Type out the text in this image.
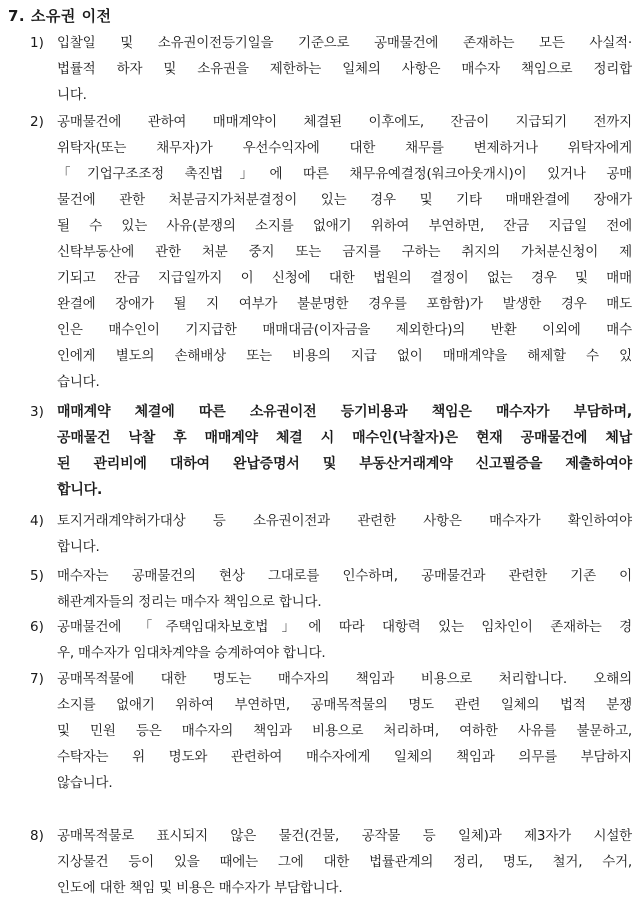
7. 소유권 이전
1) 입찰일 및 소유권이전등기일을 기준으로 공매물건에 존재하는 모든 사실적·
법률적 하자 및 소유권을 제한하는 일체의 사항은 매수자 책임으로 정리합
니다.
2) 공매물건에 관하여 매매계약이 체결된 이후에도, 잔금이 지급되기 전까지
위탁자(또는 채무자)가 우선수익자에 대한 채무를 변제하거나 위탁자에게
「기업구조조정 촉진법」에 따른 채무유예결정(워크아웃개시)이 있거나 공매
물건에 관한 처분금지가처분결정이 있는 경우 및 기타 매매완결에 장애가
될 수 있는 사유(분쟁의 소지를 없애기 위하여 부연하면, 잔금 지급일 전에
신탁부동산에 관한 처분 중지 또는 금지를 구하는 취지의 가처분신청이 제
기되고 잔금 지급일까지 이 신청에 대한 법원의 결정이 없는 경우 및 매매
완결에 장애가 될 지 여부가 불분명한 경우를 포함함)가 발생한 경우 매도
인은 매수인이 기지급한 매매대금(이자금을 제외한다)의 반환 이외에 매수
인에게 별도의 손해배상 또는 비용의 지급 없이 매매계약을 해제할 수 있
습니다.
3) 매매계약 체결에 따른 소유권이전 등기비용과 책임은 매수자가 부담하며,
공매물건 낙찰 후 매매계약 체결 시 매수인(낙찰자)은 현재 공매물건에 체납
된 관리비에 대하여 완납증명서 및 부동산거래계약 신고필증을 제출하여야
합니다.
4) 토지거래계약허가대상 등 소유권이전과 관련한 사항은 매수자가 확인하여야
합니다.
5) 매수자는 공매물건의 현상 그대로를 인수하며, 공매물건과 관련한 기존 이
해관계자들의 정리는 매수자 책임으로 합니다.
6) 공매물건에 「주택임대차보호법」에 따라 대항력 있는 임차인이 존재하는 경
우, 매수자가 임대차계약을 승계하여야 합니다.
7) 공매목적물에 대한 명도는 매수자의 책임과 비용으로 처리합니다. 오해의
소지를 없애기 위하여 부연하면, 공매목적물의 명도 관련 일체의 법적 분쟁
및 민원 등은 매수자의 책임과 비용으로 처리하며, 여하한 사유를 불문하고,
수탁자는 위 명도와 관련하여 매수자에게 일체의 책임과 의무를 부담하지
않습니다.
8) 공매목적물로 표시되지 않은 물건(건물, 공작물 등 일체)과 제3자가 시설한
지상물건 등이 있을 때에는 그에 대한 법률관계의 정리, 명도, 철거, 수거,
인도에 대한 책임 및 비용은 매수자가 부담합니다.
